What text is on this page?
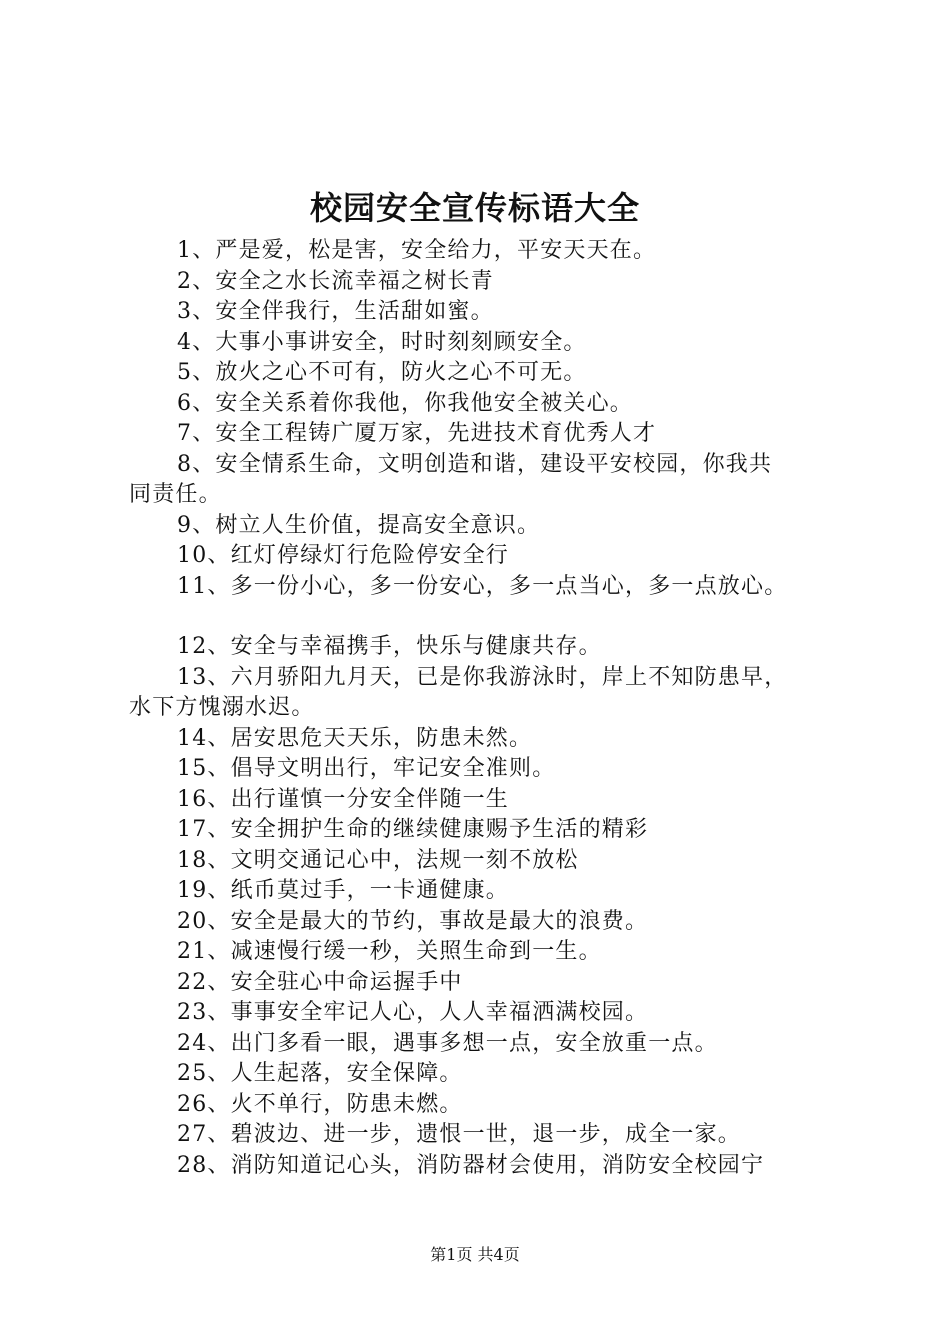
校园安全宣传标语大全
1、严是爱，松是害，安全给力，平安天天在。
2、安全之水长流幸福之树长青
3、安全伴我行，生活甜如蜜。
4、大事小事讲安全，时时刻刻顾安全。
5、放火之心不可有，防火之心不可无。
6、安全关系着你我他，你我他安全被关心。
7、安全工程铸广厦万家，先进技术育优秀人才
8、安全情系生命，文明创造和谐，建设平安校园，你我共
同责任。
9、树立人生价值，提高安全意识。
10、红灯停绿灯行危险停安全行
11、多一份小心，多一份安心，多一点当心，多一点放心。
12、安全与幸福携手，快乐与健康共存。
13、六月骄阳九月天，已是你我游泳时，岸上不知防患早，
水下方愧溺水迟。
14、居安思危天天乐，防患未然。
15、倡导文明出行，牢记安全准则。
16、出行谨慎一分安全伴随一生
17、安全拥护生命的继续健康赐予生活的精彩
18、文明交通记心中，法规一刻不放松
19、纸币莫过手，一卡通健康。
20、安全是最大的节约，事故是最大的浪费。
21、减速慢行缓一秒，关照生命到一生。
22、安全驻心中命运握手中
23、事事安全牢记人心，人人幸福洒满校园。
24、出门多看一眼，遇事多想一点，安全放重一点。
25、人生起落，安全保障。
26、火不单行，防患未燃。
27、碧波边、进一步，遗恨一世，退一步，成全一家。
28、消防知道记心头，消防器材会使用，消防安全校园宁
第1页 共4页
